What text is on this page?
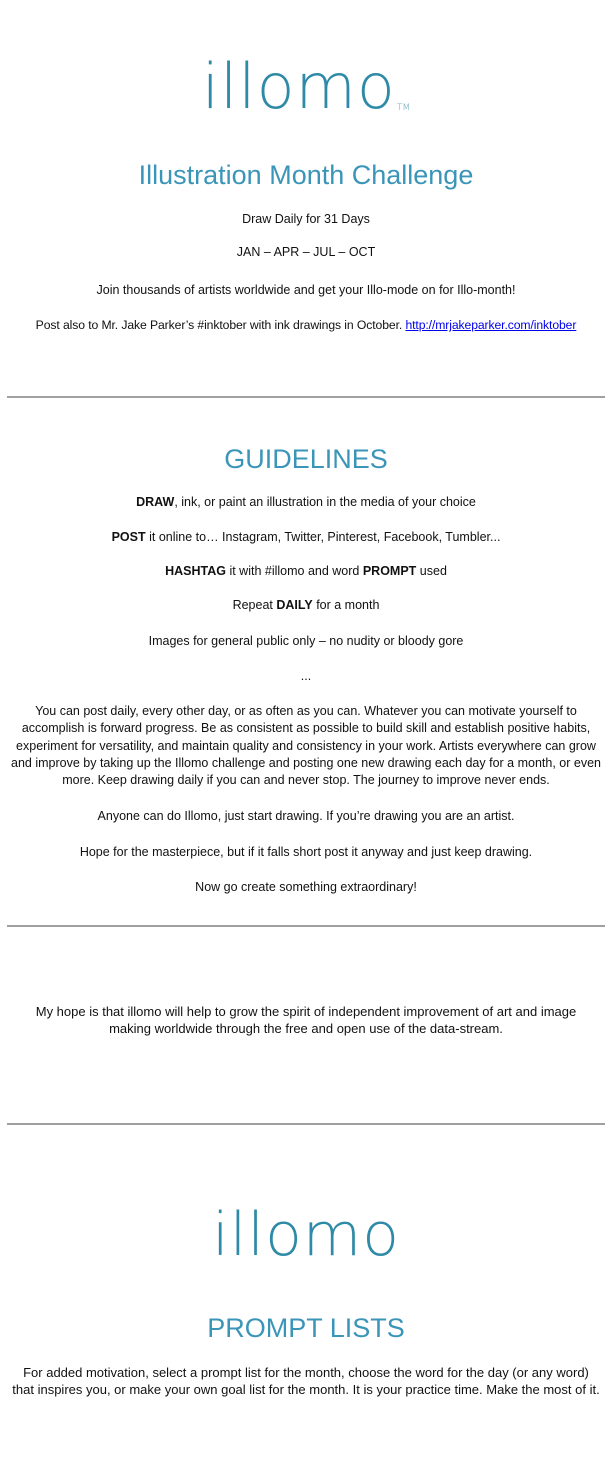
illomoTM
Illustration Month Challenge
Draw Daily for 31 Days
JAN – APR – JUL – OCT
Join thousands of artists worldwide and get your Illo-mode on for Illo-month!
Post also to Mr. Jake Parker’s #inktober with ink drawings in October. http://mrjakeparker.com/inktober
GUIDELINES
DRAW, ink, or paint an illustration in the media of your choice
POST it online to… Instagram, Twitter, Pinterest, Facebook, Tumbler...
HASHTAG it with #illomo and word PROMPT used
Repeat DAILY for a month
Images for general public only – no nudity or bloody gore
...
You can post daily, every other day, or as often as you can. Whatever you can motivate yourself to accomplish is forward progress. Be as consistent as possible to build skill and establish positive habits, experiment for versatility, and maintain quality and consistency in your work. Artists everywhere can grow and improve by taking up the Illomo challenge and posting one new drawing each day for a month, or even more. Keep drawing daily if you can and never stop. The journey to improve never ends.
Anyone can do Illomo, just start drawing. If you’re drawing you are an artist.
Hope for the masterpiece, but if it falls short post it anyway and just keep drawing.
Now go create something extraordinary!
My hope is that illomo will help to grow the spirit of independent improvement of art and image making worldwide through the free and open use of the data-stream.
illomo
PROMPT LISTS
For added motivation, select a prompt list for the month, choose the word for the day (or any word) that inspires you, or make your own goal list for the month. It is your practice time. Make the most of it.
